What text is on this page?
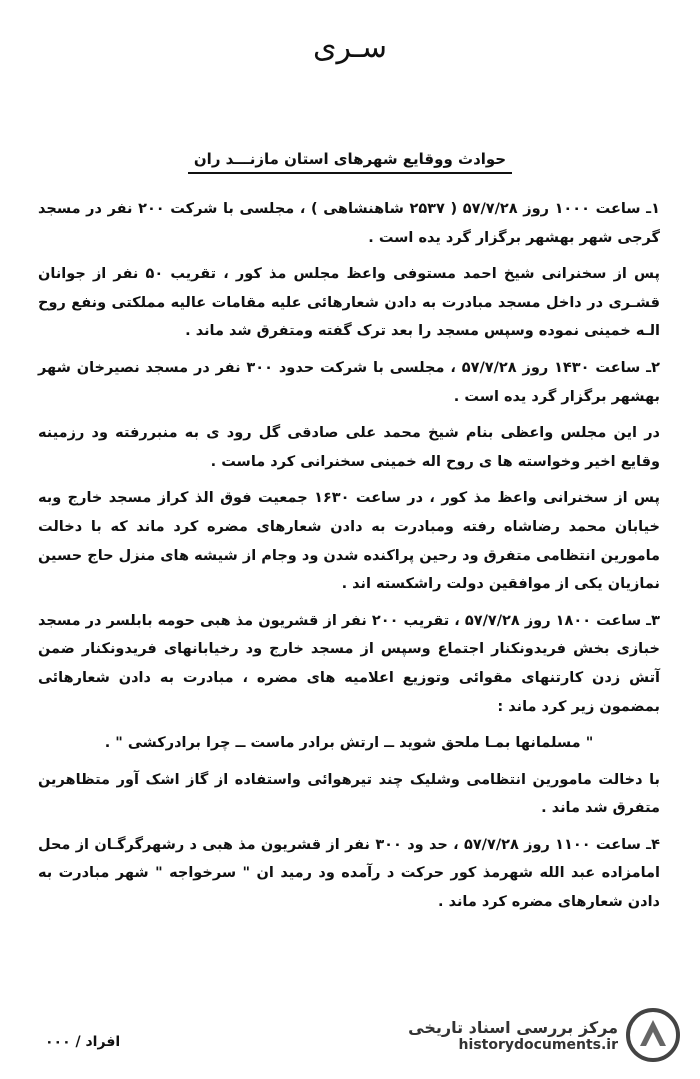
سـری
حوادث ووقایع شهرهای استان مازنـــد ران

۱ـ ساعت ۱۰۰۰ روز ۵۷/۷/۲۸ ( ۲۵۳۷ شاهنشاهی ) ، مجلسی با شرکت ۲۰۰ نفر در مسجد گرجی شهر بهشهر برگزار گرد یده است .

پس از سخنرانی شیخ احمد مستوفی واعظ مجلس مذ کور ، تقریب ۵۰ نفر از جوانان قشـری در داخل مسجد مبادرت به دادن شعارهائی علیه مقامات عالیه مملکتی ونفع روح الـه خمینی نموده وسپس مسجد را بعد ترک گفته ومتفرق شد ماند .

۲ـ ساعت ۱۴۳۰ روز ۵۷/۷/۲۸ ، مجلسی با شرکت حدود ۳۰۰ نفر در مسجد نصیرخان شهر بهشهر برگزار گرد یده است .

در این مجلس واعظی بنام شیخ محمد علی صادقی گل رود ی به منبررفته ود رزمینه وقایع اخیر وخواسته ها ی روح اله خمینی سخنرانی کرد ماست .

پس از سخنرانی واعظ مذ کور ، در ساعت ۱۶۳۰ جمعیت فوق الذ کراز مسجد خارج وبه خیابان محمد رضاشاه رفته ومبادرت به دادن شعارهای مضره کرد ماند که با دخالت مامورین انتظامی متفرق ود رحین پراکنده شدن ود وجام از شیشه های منزل حاج حسین نمازیان یکی از موافقین دولت راشکسته اند .

۳ـ ساعت ۱۸۰۰ روز ۵۷/۷/۲۸ ، تقریب ۲۰۰ نفر از قشریون مذ هبی حومه بابلسر در مسجد خبازی بخش فریدونکنار اجتماع وسپس از مسجد خارج ود رخیابانهای فریدونکنار ضمن آتش زدن کارتنهای مقوائی وتوزیع اعلامیه های مضره ، مبادرت به دادن شعارهائی بمضمون زیر کرد ماند :

" مسلمانها بمـا ملحق شوید ــ ارتش برادر ماست ــ چرا برادرکشی " .

با دخالت مامورین انتظامی وشلیک چند تیرهوائی واستفاده از گاز اشک آور متظاهرین متفرق شد ماند .

۴ـ ساعت ۱۱۰۰ روز ۵۷/۷/۲۸ ، حد ود ۳۰۰ نفر از قشریون مذ هبی د رشهرگرگـان از محل امامزاده عبد الله شهرمذ کور حرکت د رآمده ود رمید ان " سرخواجه " شهر مبادرت به دادن شعارهای مضره کرد ماند .

افراد / ۰۰۰
مرکز بررسی اسناد تاریخی
historydocuments.ir
